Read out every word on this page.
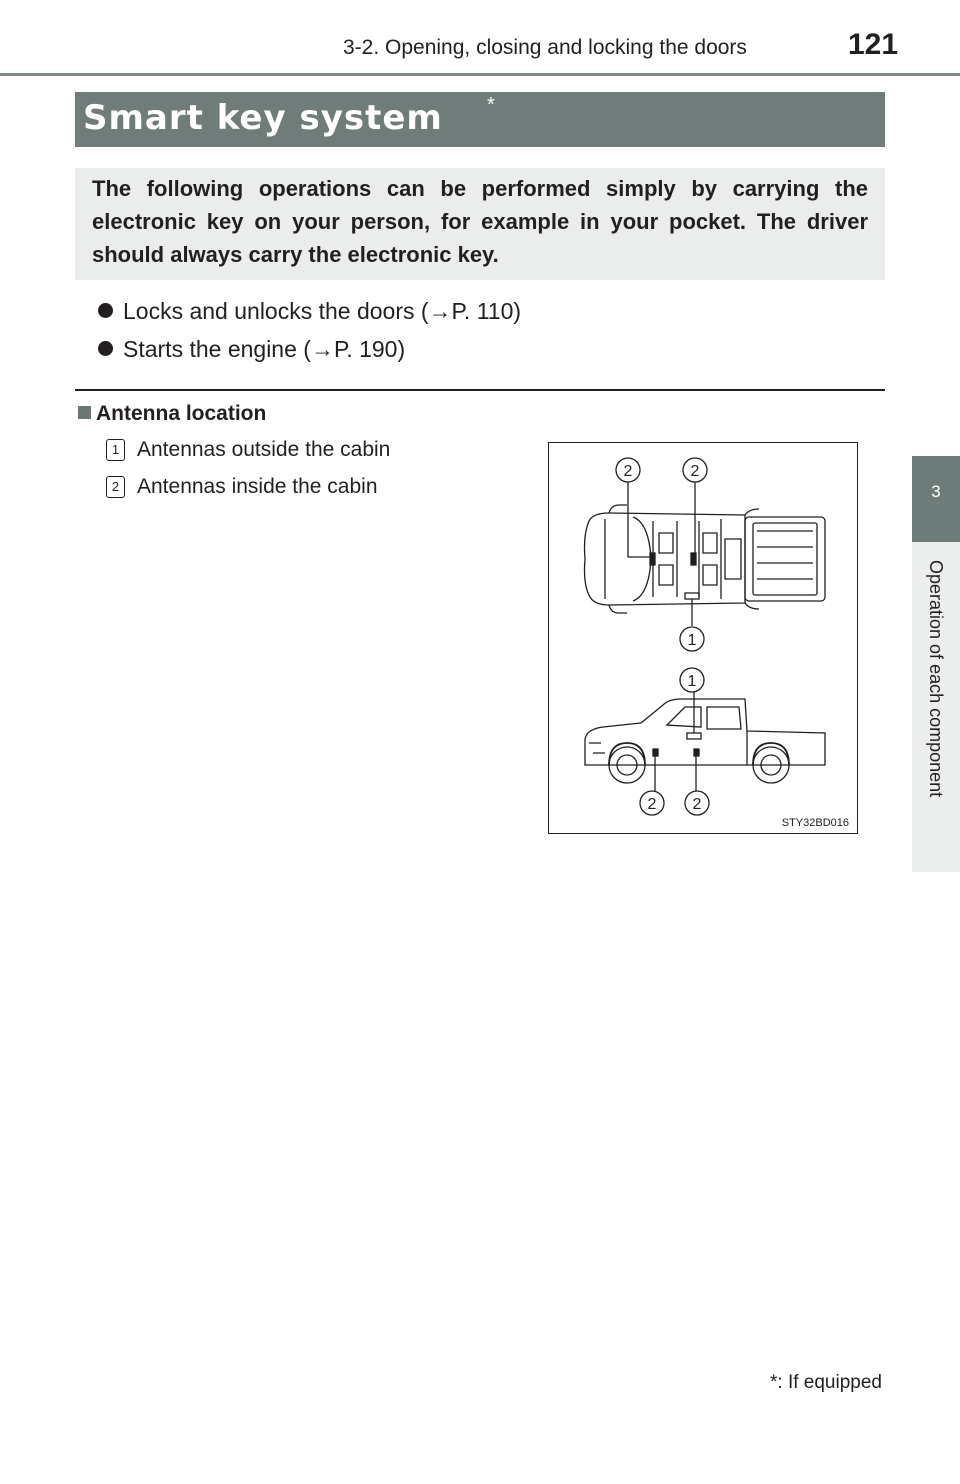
3-2. Opening, closing and locking the doors	121
3
Operation of each component
Smart key system *
The following operations can be performed simply by carrying the electronic key on your person, for example in your pocket. The driver should always carry the electronic key.
Locks and unlocks the doors (→P. 110)
Starts the engine (→P. 190)
Antenna location
1 Antennas outside the cabin
2 Antennas inside the cabin
2	2
1
1
2 2
STY32BD016
*: If equipped
